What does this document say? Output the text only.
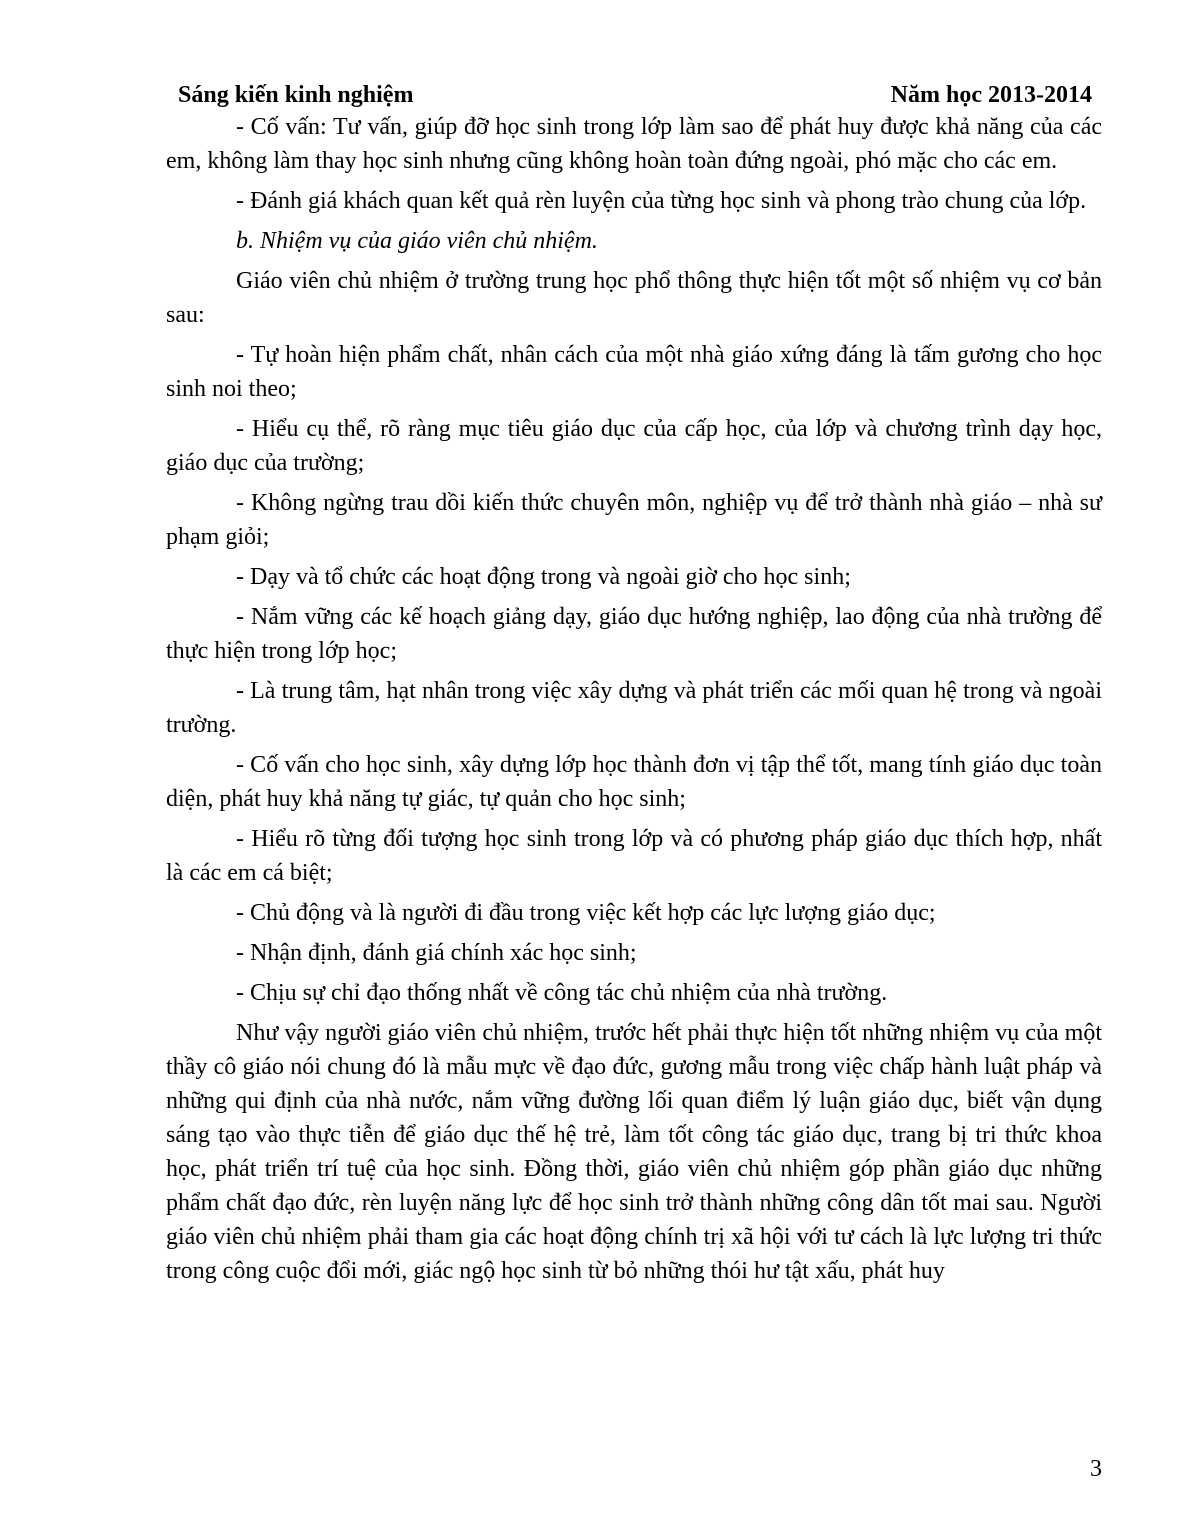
Sáng kiến kinh nghiệm	Năm học 2013-2014

- Cố vấn: Tư vấn, giúp đỡ học sinh trong lớp làm sao để phát huy được khả năng của các em, không làm thay học sinh nhưng cũng không hoàn toàn đứng ngoài, phó mặc cho các em.

- Đánh giá khách quan kết quả rèn luyện của từng học sinh và phong trào chung của lớp.

b. Nhiệm vụ của giáo viên chủ nhiệm.

Giáo viên chủ nhiệm ở trường trung học phổ thông thực hiện tốt một số nhiệm vụ cơ bản sau:

- Tự hoàn hiện phẩm chất, nhân cách của một nhà giáo xứng đáng là tấm gương cho học sinh noi theo;

- Hiểu cụ thể, rõ ràng mục tiêu giáo dục của cấp học, của lớp và chương trình dạy học, giáo dục của trường;

- Không ngừng trau dồi kiến thức chuyên môn, nghiệp vụ để trở thành nhà giáo – nhà sư phạm giỏi;

- Dạy và tổ chức các hoạt động trong và ngoài giờ cho học sinh;

- Nắm vững các kế hoạch giảng dạy, giáo dục hướng nghiệp, lao động của nhà trường để thực hiện trong lớp học;

- Là trung tâm, hạt nhân trong việc xây dựng và phát triển các mối quan hệ trong và ngoài trường.

- Cố vấn cho học sinh, xây dựng lớp học thành đơn vị tập thể tốt, mang tính giáo dục toàn diện, phát huy khả năng tự giác, tự quản cho học sinh;

- Hiểu rõ từng đối tượng học sinh trong lớp và có phương pháp giáo dục thích hợp, nhất là các em cá biệt;

- Chủ động và là người đi đầu trong việc kết hợp các lực lượng giáo dục;

- Nhận định, đánh giá chính xác học sinh;

- Chịu sự chỉ đạo thống nhất về công tác chủ nhiệm của nhà trường.

Như vậy người giáo viên chủ nhiệm, trước hết phải thực hiện tốt những nhiệm vụ của một thầy cô giáo nói chung đó là mẫu mực về đạo đức, gương mẫu trong việc chấp hành luật pháp và những qui định của nhà nước, nắm vững đường lối quan điểm lý luận giáo dục, biết vận dụng sáng tạo vào thực tiễn để giáo dục thế hệ trẻ, làm tốt công tác giáo dục, trang bị tri thức khoa học, phát triển trí tuệ của học sinh. Đồng thời, giáo viên chủ nhiệm góp phần giáo dục những phẩm chất đạo đức, rèn luyện năng lực để học sinh trở thành những công dân tốt mai sau. Người giáo viên chủ nhiệm phải tham gia các hoạt động chính trị xã hội với tư cách là lực lượng tri thức trong công cuộc đổi mới, giác ngộ học sinh từ bỏ những thói hư tật xấu, phát huy

3
